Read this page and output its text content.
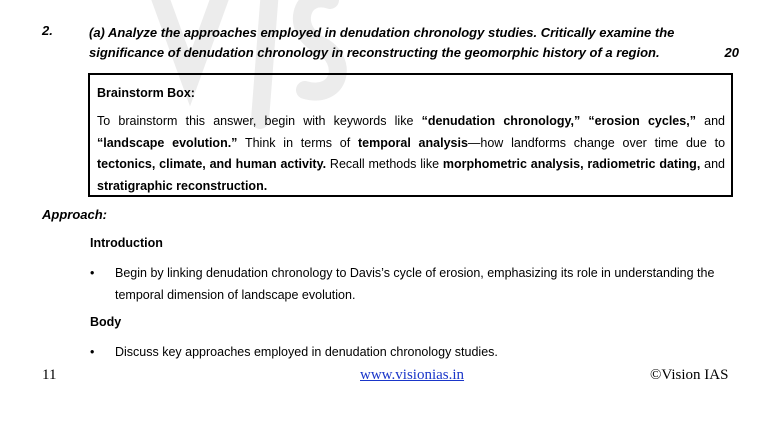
2.	(a) Analyze the approaches employed in denudation chronology studies. Critically examine the significance of denudation chronology in reconstructing the geomorphic history of a region.	20
Brainstorm Box:
To brainstorm this answer, begin with keywords like “denudation chronology,” “erosion cycles,” and “landscape evolution.” Think in terms of temporal analysis—how landforms change over time due to tectonics, climate, and human activity. Recall methods like morphometric analysis, radiometric dating, and stratigraphic reconstruction.
Approach:
Introduction
• Begin by linking denudation chronology to Davis’s cycle of erosion, emphasizing its role in understanding the temporal dimension of landscape evolution.
Body
• Discuss key approaches employed in denudation chronology studies.
11	www.visionias.in	©Vision IAS
